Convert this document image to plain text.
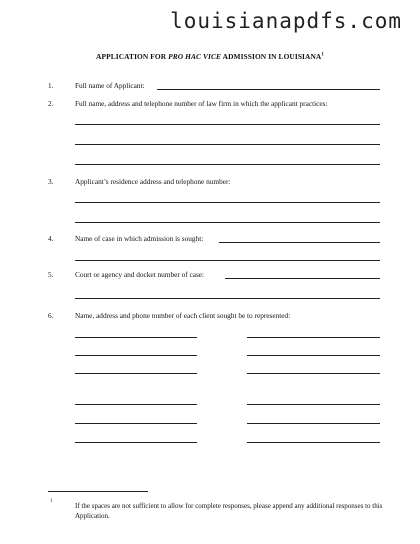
louisianapdfs.com
APPLICATION FOR PRO HAC VICE ADMISSION IN LOUISIANA$^1$
1.	Full name of Applicant:
2.	Full name, address and telephone number of law firm in which the applicant practices:
3.	Applicant’s residence address and telephone number:
4.	Name of case in which admission is sought:
5.	Court or agency and docket number of case:
6.	Name, address and phone number of each client sought be to represented:
1
If the spaces are not sufficient to allow for complete responses, please append any additional responses to this Application.
